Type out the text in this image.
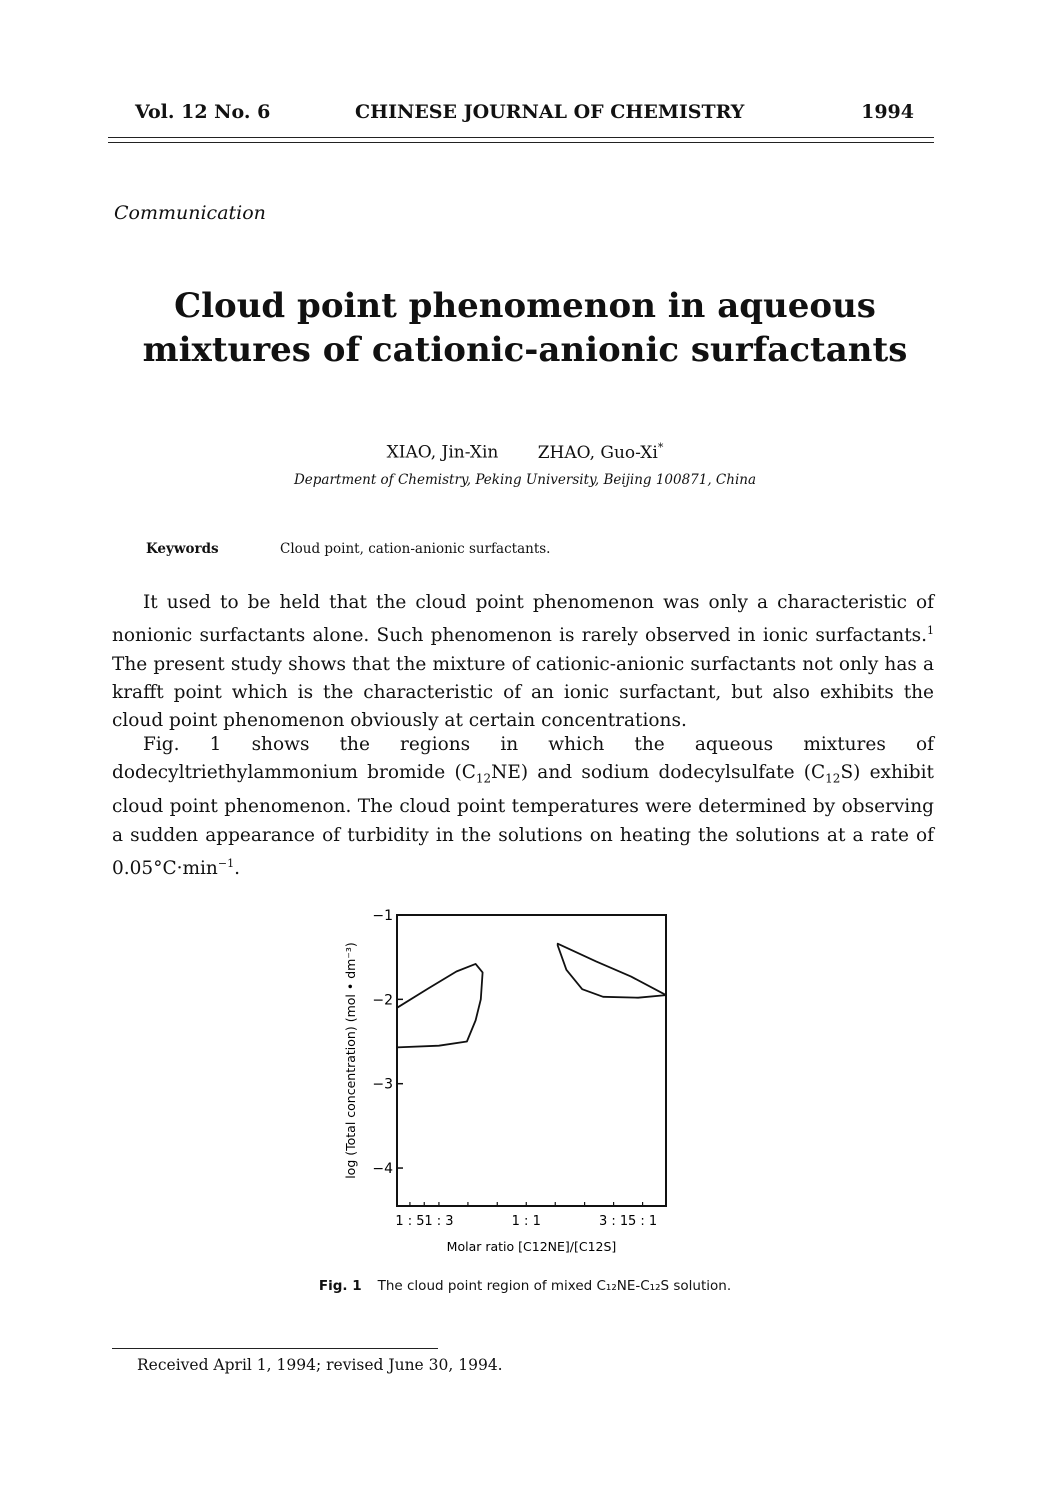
Vol. 12 No. 6	CHINESE JOURNAL OF CHEMISTRY	1994
Communication
Cloud point phenomenon in aqueous
mixtures of cationic-anionic surfactants
XIAO, Jin-Xin ZHAO, Guo-Xi*
Department of Chemistry, Peking University, Beijing 100871, China
Keywords	Cloud point, cation-anionic surfactants.

It used to be held that the cloud point phenomenon was only a characteristic of nonionic surfactants alone. Such phenomenon is rarely observed in ionic surfactants.$^1$ The present study shows that the mixture of cationic-anionic surfactants not only has a krafft point which is the characteristic of an ionic surfactant, but also exhibits the cloud point phenomenon obviously at certain concentrations.

Fig. 1 shows the regions in which the aqueous mixtures of dodecyltriethylammonium bromide $(C_{12}NE)$ and sodium dodecylsulfate $(C_{12}S)$ exhibit cloud point phenomenon. The cloud point temperatures were determined by observing a sudden appearance of turbidity in the solutions on heating the solutions at a rate of $0.05^\circ C\cdot\min^{-1}$.

−1
−2
−3
−4
1 : 5 1 : 3	1 : 1	3 : 1 5 : 1
Molar ratio [C12NE]/[C12S]
log (Total concentration) (mol • dm⁻³)
Fig. 1 The cloud point region of mixed C₁₂NE-C₁₂S solution.
Received April 1, 1994; revised June 30, 1994.
